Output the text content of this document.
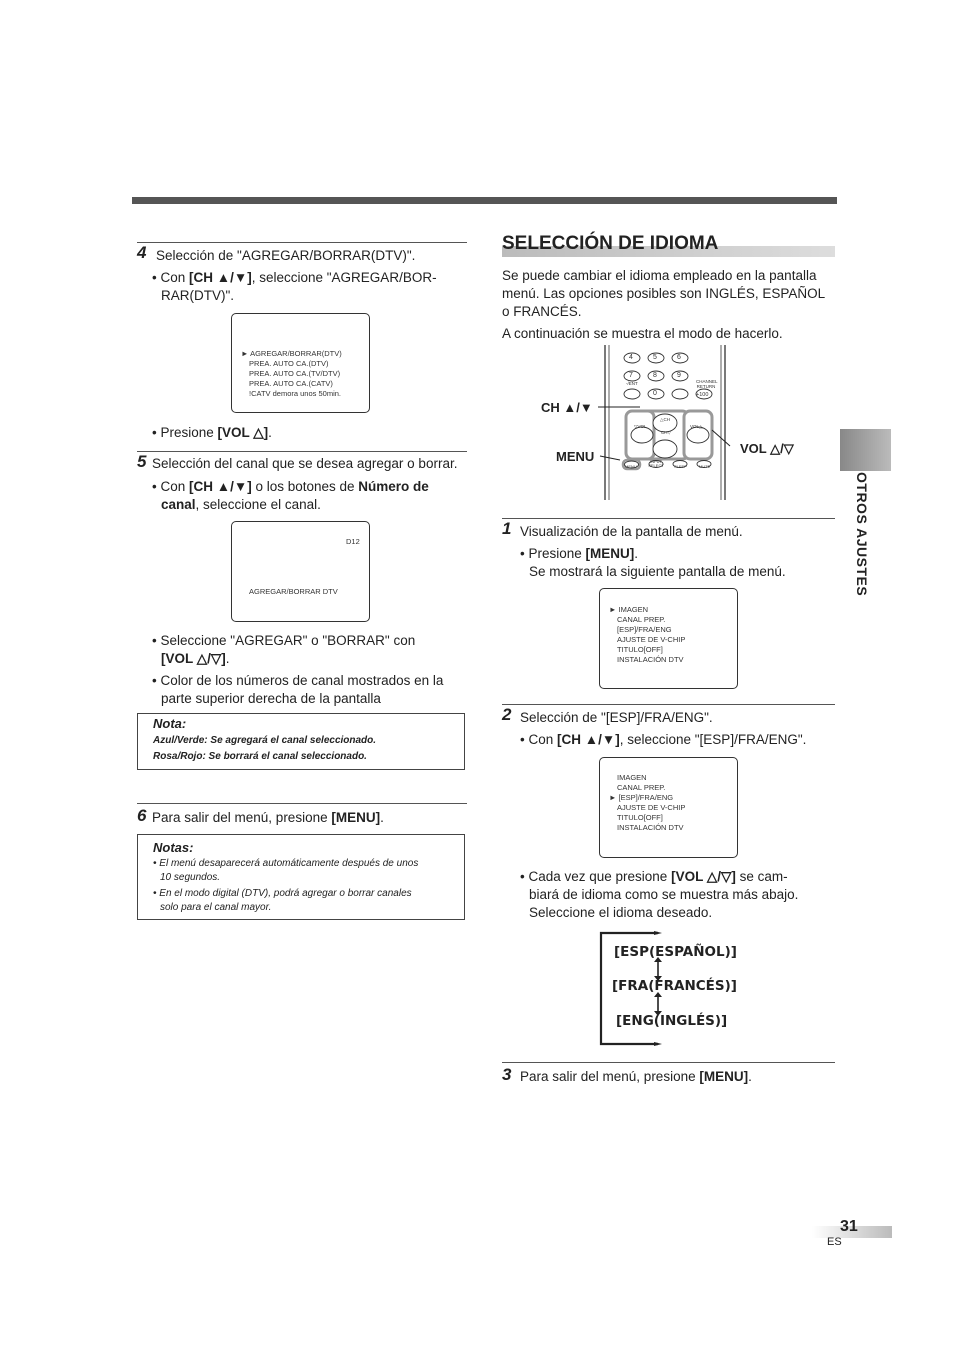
4 Selección de "AGREGAR/BORRAR(DTV)".
• Con [CH ▲/▼], seleccione "AGREGAR/BOR-
RAR(DTV)".
► AGREGAR/BORRAR(DTV)
PREA. AUTO CA.(DTV)
PREA. AUTO CA.(TV/DTV)
PREA. AUTO CA.(CATV)
!CATV demora unos 50min.
• Presione [VOL △].
5 Selección del canal que se desea agregar o borrar.
• Con [CH ▲/▼] o los botones de Número de
canal, seleccione el canal.
D12
AGREGAR/BORRAR DTV
• Seleccione "AGREGAR" o "BORRAR" con
[VOL △/▽].
• Color de los números de canal mostrados en la
parte superior derecha de la pantalla
Nota:
Azul/Verde: Se agregará el canal seleccionado.
Rosa/Rojo: Se borrará el canal seleccionado.
6 Para salir del menú, presione [MENU].
Notas:
• El menú desaparecerá automáticamente después de unos
10 segundos.
• En el modo digital (DTV), podrá agregar o borrar canales
solo para el canal mayor.
SELECCIÓN DE IDIOMA
Se puede cambiar el idioma empleado en la pantalla
menú. Las opciones posibles son INGLÉS, ESPAÑOL
o FRANCÉS.
A continuación se muestra el modo de hacerlo.
4	5	6
7	8	9
-/ENT	CHANNEL RETURN
0	+100
△CH
CH▽
▽VOL	VOL△
MENU
INPUT SELECT	SLEEP	MUTE
CH ▲/▼
MENU
VOL △/▽
1 Visualización de la pantalla de menú.
• Presione [MENU].
Se mostrará la siguiente pantalla de menú.
► IMAGEN
CANAL PREP.
[ESP]/FRA/ENG
AJUSTE DE V-CHIP
TITULO[OFF]
INSTALACIÓN DTV
2 Selección de "[ESP]/FRA/ENG".
• Con [CH ▲/▼], seleccione "[ESP]/FRA/ENG".
IMAGEN
CANAL PREP.
► [ESP]/FRA/ENG
AJUSTE DE V-CHIP
TITULO[OFF]
INSTALACIÓN DTV
• Cada vez que presione [VOL △/▽] se cam-
biará de idioma como se muestra más abajo.
Seleccione el idioma deseado.
[ESP(ESPAÑOL)]
[FRA(FRANCÉS)]
[ENG(INGLÉS)]
3 Para salir del menú, presione [MENU].
OTROS AJUSTES
31
ES
